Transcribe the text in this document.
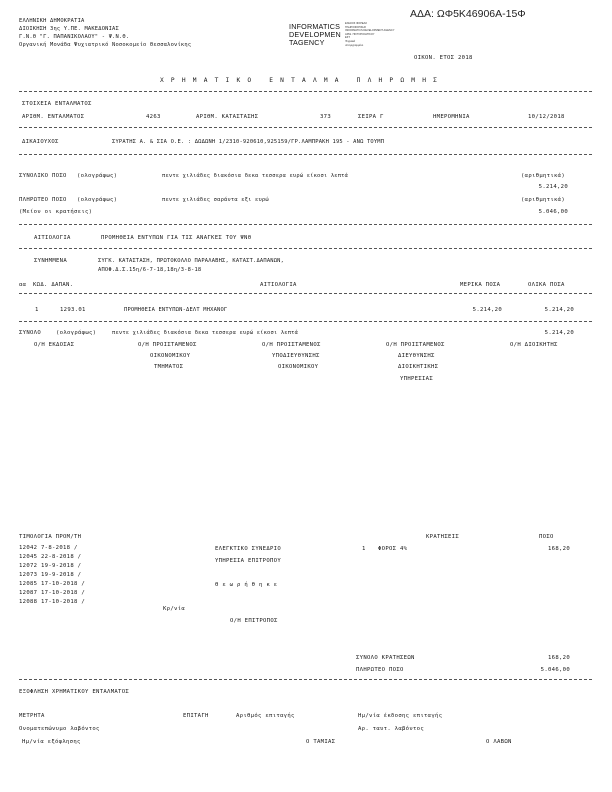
ΑΔΑ: ΩΦ5Κ46906Α-15Φ
ΕΛΛΗΝΙΚΗ ΔΗΜΟΚΡΑΤΙΑ
ΔΙΟΙΚΗΣΗ 3ης Υ.ΠΕ. ΜΑΚΕΔΟΝΙΑΣ
Γ.Ν.Θ "Γ. ΠΑΠΑΝΙΚΟΛΑΟΥ" - Ψ.Ν.Θ.
Οργανική Μονάδα Ψυχιατρικό Νοσοκομείο Θεσσαλονίκης
INFORMATICS
DEVELOPMEN
TAGENCY
ΕΝΙΑΙΟΣ ΦΟΡΕΑΣ
ΠΛΗΡΟΦΟΡΙΚΗΣ
INFORMATICS DEVELOPMENT AGENCY
ΑΡΙΘ. ΠΙΣΤΟΠΟΙΗΤΙΚΟΥ
ΕΣΤ
Ψηφιακά
υπογεγραμμένο
ΟΙΚΟΝ. ΕΤΟΣ 2018
ΧΡΗΜΑΤΙΚΟ ΕΝΤΑΛΜΑ ΠΛΗΡΩΜΗΣ
ΣΤΟΙΧΕΙΑ ΕΝΤΑΛΜΑΤΟΣ
ΑΡΙΘΜ. ΕΝΤΑΛΜΑΤΟΣ	4263	ΑΡΙΘΜ. ΚΑΤΑΣΤΑΣΗΣ	373	ΣΕΙΡΑ Γ	ΗΜΕΡΟΜΗΝΙΑ	10/12/2018
ΔΙΚΑΙΟΥΧΟΣ	ΣΥΡΑΤΗΣ Α. & ΣΙΑ Ο.Ε. : ΔΩΔΩΝΗ 1/2310-920610,925159/ΓΡ.ΛΑΜΠΡΑΚΗ 195 - ΑΝΩ ΤΟΥΜΠ
ΣΥΝΟΛΙΚΟ ΠΟΣΟ (ολογράφως)	πεντε χιλιάδες διακόσια δεκα τεσσερα ευρώ είκοσι λεπτά	(αριθμητικά)
5.214,20
ΠΛΗΡΩΤΕΟ ΠΟΣΟ (ολογράφως)	πεντε χιλιάδες σαράντα εξι ευρώ	(αριθμητικά)
(Μείον οι κρατήσεις)	5.046,00
ΑΙΤΙΟΛΟΓΙΑ	ΠΡΟΜΗΘΕΙΑ ΕΝΤΥΠΩΝ ΓΙΑ ΤΙΣ ΑΝΑΓΚΕΣ ΤΟΥ ΨΝΘ
ΣΥΝΗΜΜΕΝΑ	ΣΥΓΚ. ΚΑΤΑΣΤΑΣΗ, ΠΡΩΤΟΚΟΛΛΟ ΠΑΡΑΛΑΒΗΣ, ΚΑΤΑΣΤ.ΔΑΠΑΝΩΝ,
ΑΠΟΦ.Δ.Σ.15η/6-7-18,18η/3-8-18
αα ΚΩΔ. ΔΑΠΑΝ.	ΑΙΤΙΟΛΟΓΙΑ	ΜΕΡΙΚΑ ΠΟΣΑ	ΟΛΙΚΑ ΠΟΣΑ
1	1293.01	ΠΡΟΜΗΘΕΙΑ ΕΝΤΥΠΩΝ-ΔΕΛΤ ΜΗΧΑΝΟΓ	5.214,20	5.214,20
ΣΥΝΟΛΟ	(ολογράφως)	πεντε χιλιάδες διακόσια δεκα τεσσερα ευρώ είκοσι λεπτά	5.214,20
Ο/Η ΕΚΔΟΣΑΣ	Ο/Η ΠΡΟΙΣΤΑΜΕΝΟΣ
ΟΙΚΟΝΟΜΙΚΟΥ
ΤΜΗΜΑΤΟΣ
Ο/Η ΠΡΟΙΣΤΑΜΕΝΟΣ
ΥΠΟΔΙΕΥΘΥΝΣΗΣ
ΟΙΚΟΝΟΜΙΚΟΥ
Ο/Η ΠΡΟΙΣΤΑΜΕΝΟΣ
ΔΙΕΥΘΥΝΣΗΣ
ΔΙΟΙΚΗΤΙΚΗΣ
ΥΠΗΡΕΣΙΑΣ
Ο/Η ΔΙΟΙΚΗΤΗΣ
ΤΙΜΟΛΟΓΙΑ ΠΡΟΜ/ΤΗ
12042 7-8-2018 /
12045 22-8-2018 /
12072 19-9-2018 /
12073 19-9-2018 /
12085 17-10-2018 /
12087 17-10-2018 /
12088 17-10-2018 /
ΚΡΑΤΗΣΕΙΣ	ΠΟΣΟ
1 ΦΟΡΟΣ 4%	168,20
ΕΛΕΓΚΤΙΚΟ ΣΥΝΕΔΡΙΟ
ΥΠΗΡΕΣΙΑ ΕΠΙΤΡΟΠΟΥ
Θ ε ω ρ ή θ η κ ε
Κρ/νία
Ο/Η ΕΠΙΤΡΟΠΟΣ
ΣΥΝΟΛΟ ΚΡΑΤΗΣΕΩΝ	168,20
ΠΛΗΡΩΤΕΟ ΠΟΣΟ	5.046,00
ΕΞΟΦΛΗΣΗ ΧΡΗΜΑΤΙΚΟΥ ΕΝΤΑΛΜΑΤΟΣ
ΕΠΙΤΑΓΗ	Αριθμός επιταγής	Ημ/νία έκδοσης επιταγής
ΜΕΤΡΗΤΑ
Ονοματεπώνυμο λαβόντος	Αρ. ταυτ. λαβόντος
Ημ/νία εξόφλησης	Ο ΤΑΜΙΑΣ	Ο ΛΑΒΩΝ
